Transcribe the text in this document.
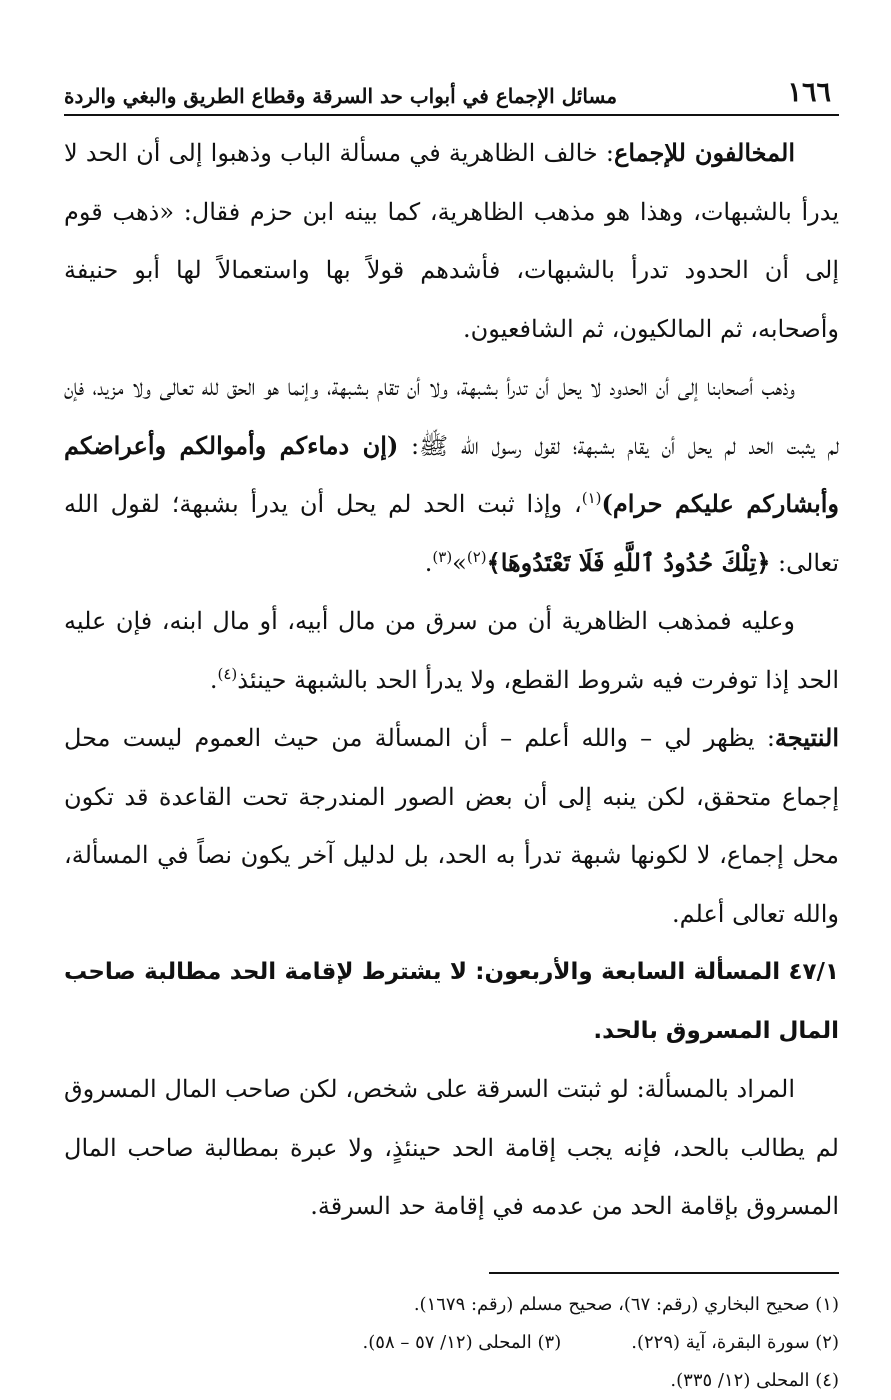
١٦٦
مسائل الإجماع في أبواب حد السرقة وقطاع الطريق والبغي والردة

المخالفون للإجماع: خالف الظاهرية في مسألة الباب وذهبوا إلى أن الحد لا يدرأ بالشبهات، وهذا هو مذهب الظاهرية، كما بينه ابن حزم فقال: «ذهب قوم إلى أن الحدود تدرأ بالشبهات، فأشدهم قولاً بها واستعمالاً لها أبو حنيفة وأصحابه، ثم المالكيون، ثم الشافعيون.

وذهب أصحابنا إلى أن الحدود لا يحل أن تدرأ بشبهة، ولا أن تقام بشبهة، وإنما هو الحق لله تعالى ولا مزيد، فإن لم يثبت الحد لم يحل أن يقام بشبهة؛ لقول رسول الله ﷺ: (إن دماءكم وأموالكم وأعراضكم وأبشاركم عليكم حرام)$^{(١)}$، وإذا ثبت الحد لم يحل أن يدرأ بشبهة؛ لقول الله تعالى: ﴿تِلْكَ حُدُودُ ٱللَّهِ فَلَا تَعْتَدُوهَا﴾$^{(٢)}$»$^{(٣)}$.

وعليه فمذهب الظاهرية أن من سرق من مال أبيه، أو مال ابنه، فإن عليه الحد إذا توفرت فيه شروط القطع، ولا يدرأ الحد بالشبهة حينئذ$^{(٤)}$.

النتيجة: يظهر لي – والله أعلم – أن المسألة من حيث العموم ليست محل إجماع متحقق، لكن ينبه إلى أن بعض الصور المندرجة تحت القاعدة قد تكون محل إجماع، لا لكونها شبهة تدرأ به الحد، بل لدليل آخر يكون نصاً في المسألة، والله تعالى أعلم.

٤٧/١ المسألة السابعة والأربعون: لا يشترط لإقامة الحد مطالبة صاحب المال المسروق بالحد.

المراد بالمسألة: لو ثبتت السرقة على شخص، لكن صاحب المال المسروق لم يطالب بالحد، فإنه يجب إقامة الحد حينئذٍ، ولا عبرة بمطالبة صاحب المال المسروق بإقامة الحد من عدمه في إقامة حد السرقة.

(١) صحيح البخاري (رقم: ٦٧)، صحيح مسلم (رقم: ١٦٧٩).

(٢) سورة البقرة، آية (٢٢٩).
(٣) المحلى (١٢/ ٥٧ – ٥٨).

(٤) المحلى (١٢/ ٣٣٥).
